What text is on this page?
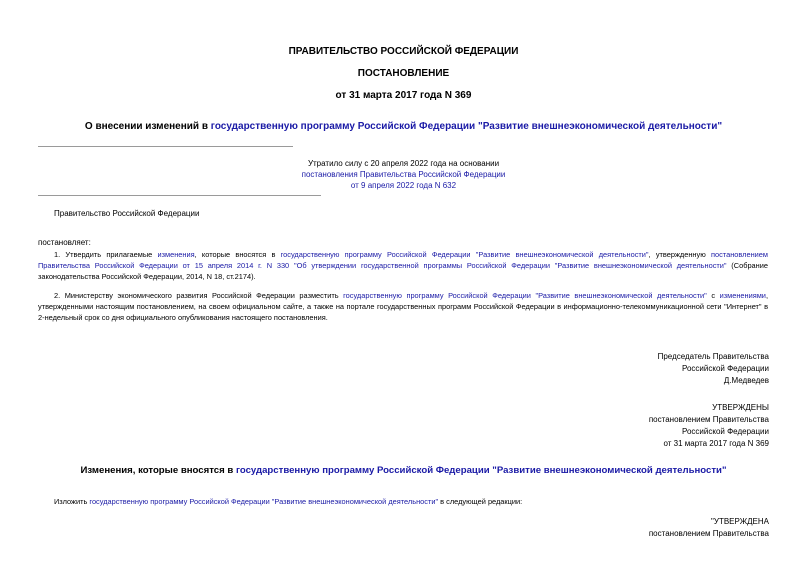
ПРАВИТЕЛЬСТВО РОССИЙСКОЙ ФЕДЕРАЦИИ
ПОСТАНОВЛЕНИЕ
от 31 марта 2017 года N 369
О внесении изменений в государственную программу Российской Федерации "Развитие внешнеэкономической деятельности"
Утратило силу с 20 апреля 2022 года на основании
постановления Правительства Российской Федерации
от 9 апреля 2022 года N 632
Правительство Российской Федерации
постановляет:
1. Утвердить прилагаемые изменения, которые вносятся в государственную программу Российской Федерации "Развитие внешнеэкономической деятельности", утвержденную постановлением Правительства Российской Федерации от 15 апреля 2014 г. N 330 "Об утверждении государственной программы Российской Федерации "Развитие внешнеэкономической деятельности" (Собрание законодательства Российской Федерации, 2014, N 18, ст.2174).
2. Министерству экономического развития Российской Федерации разместить государственную программу Российской Федерации "Развитие внешнеэкономической деятельности" с изменениями, утвержденными настоящим постановлением, на своем официальном сайте, а также на портале государственных программ Российской Федерации в информационно-телекоммуникационной сети "Интернет" в 2-недельный срок со дня официального опубликования настоящего постановления.
Председатель Правительства
Российской Федерации
Д.Медведев
УТВЕРЖДЕНЫ
постановлением Правительства
Российской Федерации
от 31 марта 2017 года N 369
Изменения, которые вносятся в государственную программу Российской Федерации "Развитие внешнеэкономической деятельности"
Изложить государственную программу Российской Федерации "Развитие внешнеэкономической деятельности" в следующей редакции:
"УТВЕРЖДЕНА
постановлением Правительства
